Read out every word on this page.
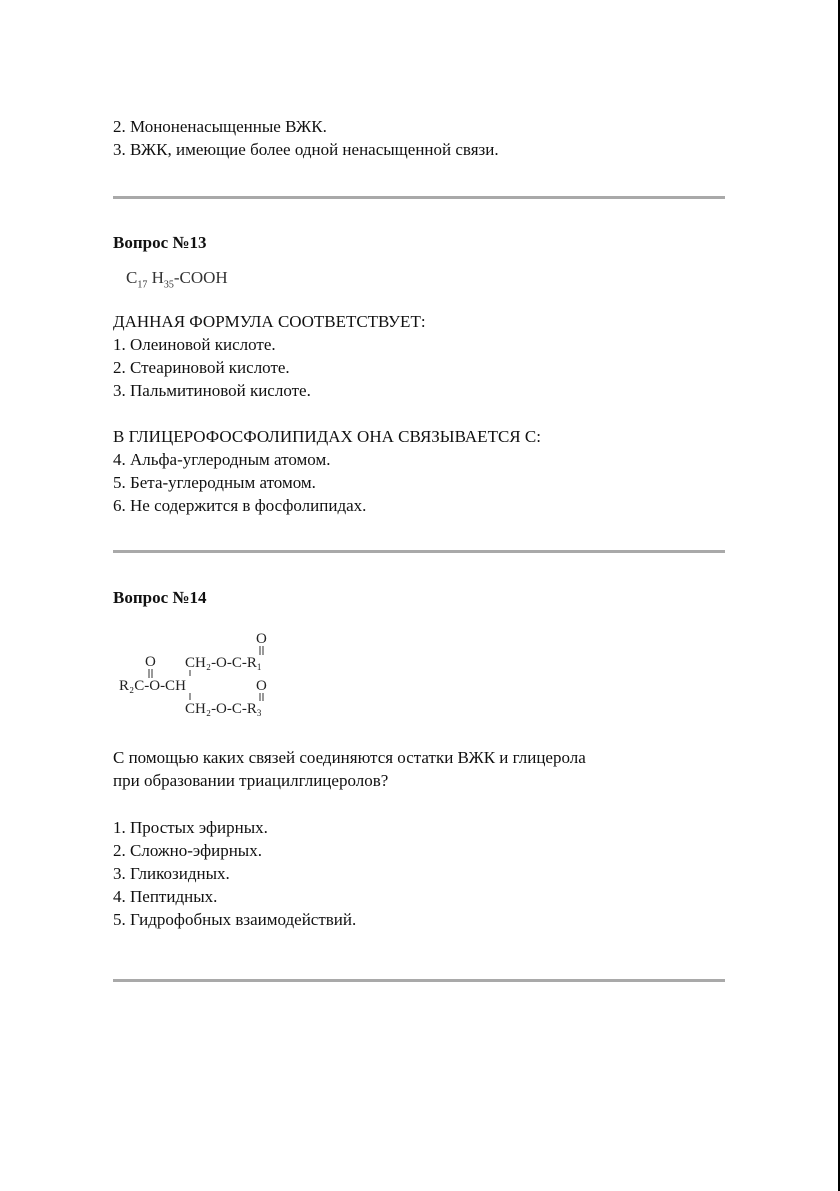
2. Мононенасыщенные ВЖК.
3. ВЖК, имеющие более одной ненасыщенной связи.
Вопрос №13
$C_{17}$ $H_{35}$-COOH
ДАННАЯ ФОРМУЛА СООТВЕТСТВУЕТ:
1. Олеиновой кислоте.
2. Стеариновой кислоте.
3. Пальмитиновой кислоте.
В ГЛИЦЕРОФОСФОЛИПИДАХ ОНА СВЯЗЫВАЕТСЯ С:
4. Альфа-углеродным атомом.
5. Бета-углеродным атомом.
6. Не содержится в фосфолипидах.
Вопрос №14
O
O CH₂-$O-C-R_1$
R₂C-O-CH	O
CH₂-$O-C-R_3$
С помощью каких связей соединяются остатки ВЖК и глицерола
при образовании триацилглицеролов?
1. Простых эфирных.
2. Сложно-эфирных.
3. Гликозидных.
4. Пептидных.
5. Гидрофобных взаимодействий.
